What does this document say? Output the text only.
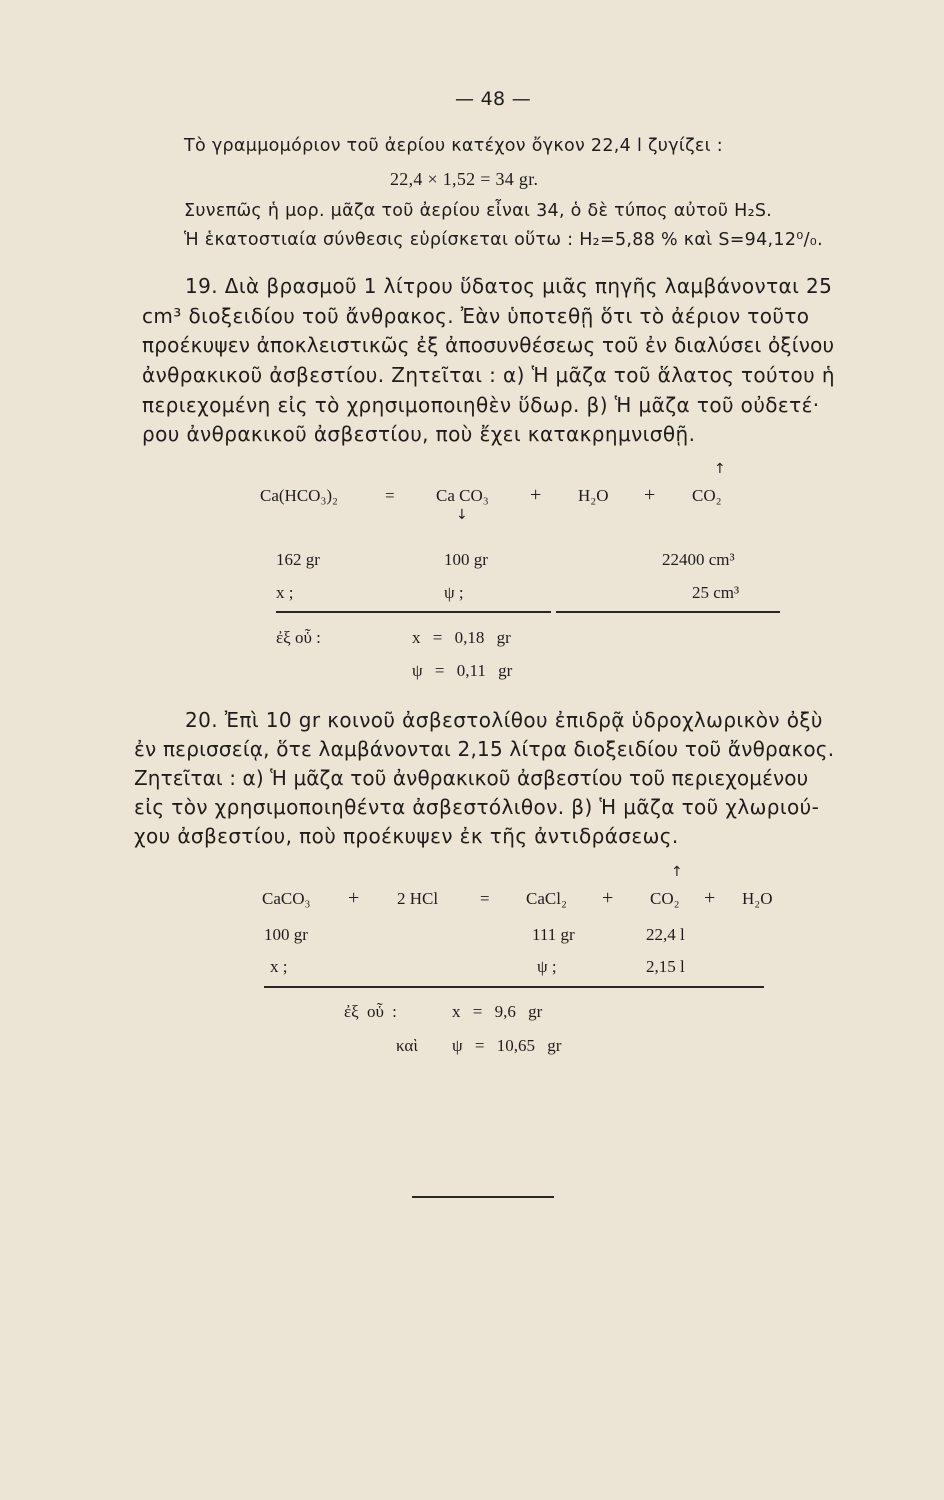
— 48 —
Τὸ γραμμομόριον τοῦ ἀερίου κατέχον ὄγκον 22,4 l ζυγίζει :
22,4 × 1,52 = 34 gr.
Συνεπῶς ἡ μορ. μᾶζα τοῦ ἀερίου εἶναι 34, ὁ δὲ τύπος αὐτοῦ H₂S.
Ἡ ἑκατοστιαία σύνθεσις εὑρίσκεται οὕτω : H₂=5,88 % καὶ S=94,12⁰/₀.
19. Διὰ βρασμοῦ 1 λίτρου ὕδατος μιᾶς πηγῆς λαμβάνονται 25
cm³ διοξειδίου τοῦ ἄνθρακος. Ἐὰν ὑποτεθῇ ὅτι τὸ ἀέριον τοῦτο
προέκυψεν ἀποκλειστικῶς ἐξ ἀποσυνθέσεως τοῦ ἐν διαλύσει ὀξίνου
ἀνθρακικοῦ ἀσβεστίου. Ζητεῖται : α) Ἡ μᾶζα τοῦ ἅλατος τούτου ἡ
περιεχομένη εἰς τὸ χρησιμοποιηθὲν ὕδωρ. β) Ἡ μᾶζα τοῦ οὐδετέ·
ρου ἀνθρακικοῦ ἀσβεστίου, ποὺ ἔχει κατακρημνισθῇ.
Ca(HCO₃)₂	= Ca CO₃ + H₂O + CO₂
↑
↓
162 gr	100 gr	22400 cm³
x ;	ψ ;	25 cm³
ἐξ οὗ :	x = 0,18 gr
ψ = 0,11 gr
20. Ἐπὶ 10 gr κοινοῦ ἀσβεστολίθου ἐπιδρᾷ ὑδροχλωρικὸν ὀξὺ
ἐν περισσείᾳ, ὅτε λαμβάνονται 2,15 λίτρα διοξειδίου τοῦ ἄνθρακος.
Ζητεῖται : α) Ἡ μᾶζα τοῦ ἀνθρακικοῦ ἀσβεστίου τοῦ περιεχομένου
εἰς τὸν χρησιμοποιηθέντα ἀσβεστόλιθον. β) Ἡ μᾶζα τοῦ χλωριού-
χου ἀσβεστίου, ποὺ προέκυψεν ἐκ τῆς ἀντιδράσεως.
CaCO₃ + 2 HCl = CaCl₂ + CO₂ + H₂O
↑
100 gr	111 gr	22,4 l
x ;	ψ ;	2,15 l
ἐξ οὗ :	x = 9,6 gr
καὶ ψ = 10,65 gr
